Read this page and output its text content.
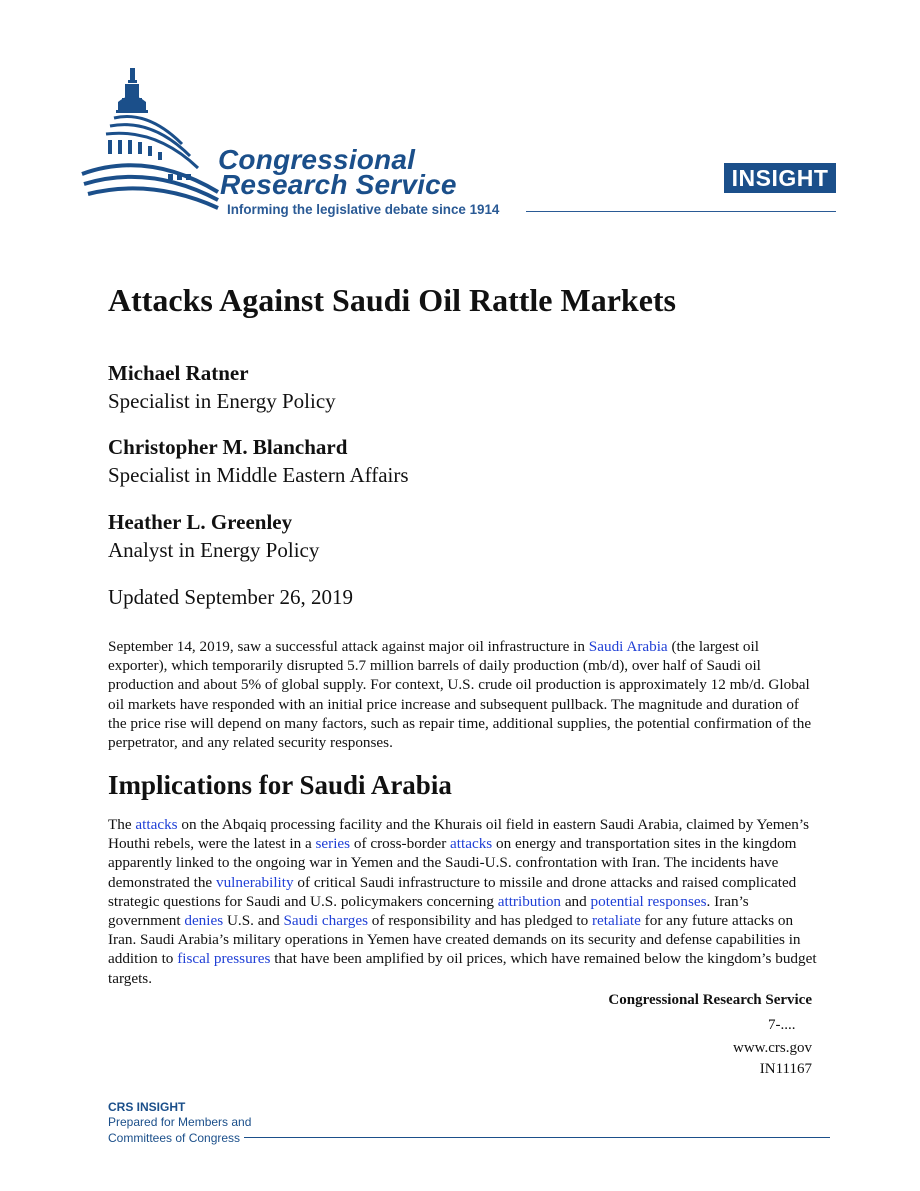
Congressional
Research Service
Informing the legislative debate since 1914
INSIGHT
Attacks Against Saudi Oil Rattle Markets
Michael Ratner
Specialist in Energy Policy
Christopher M. Blanchard
Specialist in Middle Eastern Affairs
Heather L. Greenley
Analyst in Energy Policy
Updated September 26, 2019
September 14, 2019, saw a successful attack against major oil infrastructure in Saudi Arabia (the largest oil exporter), which temporarily disrupted 5.7 million barrels of daily production (mb/d), over half of Saudi oil production and about 5% of global supply. For context, U.S. crude oil production is approximately 12 mb/d. Global oil markets have responded with an initial price increase and subsequent pullback. The magnitude and duration of the price rise will depend on many factors, such as repair time, additional supplies, the potential confirmation of the perpetrator, and any related security responses.
Implications for Saudi Arabia
The attacks on the Abqaiq processing facility and the Khurais oil field in eastern Saudi Arabia, claimed by Yemen’s Houthi rebels, were the latest in a series of cross-border attacks on energy and transportation sites in the kingdom apparently linked to the ongoing war in Yemen and the Saudi-U.S. confrontation with Iran. The incidents have demonstrated the vulnerability of critical Saudi infrastructure to missile and drone attacks and raised complicated strategic questions for Saudi and U.S. policymakers concerning attribution and potential responses. Iran’s government denies U.S. and Saudi charges of responsibility and has pledged to retaliate for any future attacks on Iran. Saudi Arabia’s military operations in Yemen have created demands on its security and defense capabilities in addition to fiscal pressures that have been amplified by oil prices, which have remained below the kingdom’s budget targets.
Congressional Research Service
7-....
www.crs.gov
IN11167
CRS INSIGHT
Prepared for Members and
Committees of Congress
